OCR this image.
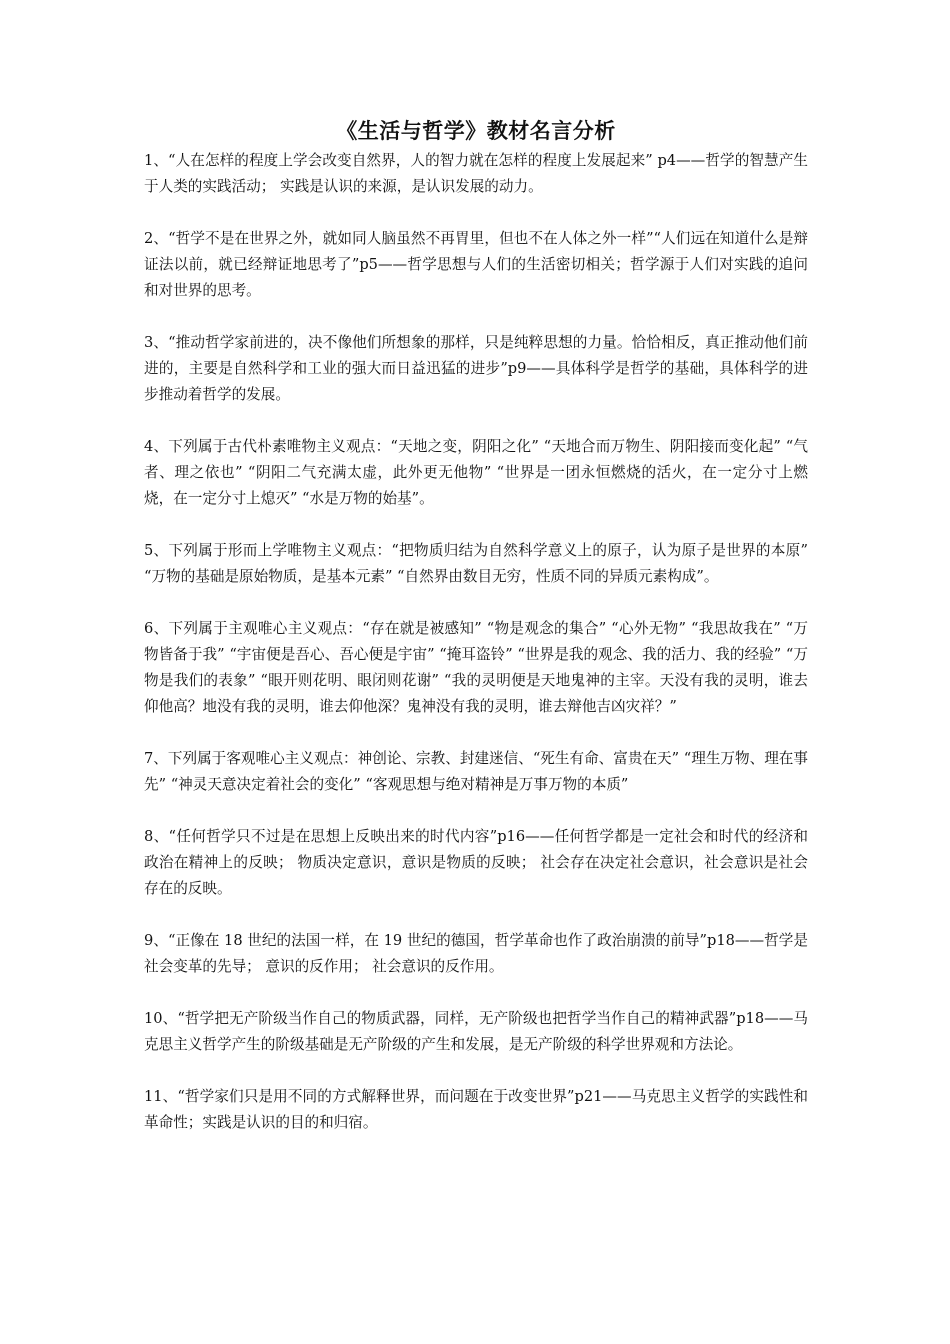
《生活与哲学》教材名言分析

1、“人在怎样的程度上学会改变自然界，人的智力就在怎样的程度上发展起来” p4——哲学的智慧产生于人类的实践活动； 实践是认识的来源，是认识发展的动力。

2、“哲学不是在世界之外，就如同人脑虽然不再胃里，但也不在人体之外一样”“人们远在知道什么是辩证法以前，就已经辩证地思考了”p5——哲学思想与人们的生活密切相关；哲学源于人们对实践的追问和对世界的思考。

3、“推动哲学家前进的，决不像他们所想象的那样，只是纯粹思想的力量。恰恰相反，真正推动他们前进的，主要是自然科学和工业的强大而日益迅猛的进步”p9——具体科学是哲学的基础，具体科学的进步推动着哲学的发展。

4、下列属于古代朴素唯物主义观点：“天地之变，阴阳之化” “天地合而万物生、阴阳接而变化起” “气者、理之依也” “阴阳二气充满太虚，此外更无他物” “世界是一团永恒燃烧的活火，在一定分寸上燃烧，在一定分寸上熄灭” “水是万物的始基”。

5、下列属于形而上学唯物主义观点：“把物质归结为自然科学意义上的原子，认为原子是世界的本原” “万物的基础是原始物质，是基本元素” “自然界由数目无穷，性质不同的异质元素构成”。

6、下列属于主观唯心主义观点：“存在就是被感知” “物是观念的集合” “心外无物” “我思故我在” “万物皆备于我” “宇宙便是吾心、吾心便是宇宙” “掩耳盗铃” “世界是我的观念、我的活力、我的经验” “万物是我们的表象” “眼开则花明、眼闭则花谢” “我的灵明便是天地鬼神的主宰。天没有我的灵明，谁去仰他高？地没有我的灵明，谁去仰他深？鬼神没有我的灵明，谁去辩他吉凶灾祥？”

7、下列属于客观唯心主义观点：神创论、宗教、封建迷信、“死生有命、富贵在天” “理生万物、理在事先” “神灵天意决定着社会的变化” “客观思想与绝对精神是万事万物的本质”

8、“任何哲学只不过是在思想上反映出来的时代内容”p16——任何哲学都是一定社会和时代的经济和政治在精神上的反映； 物质决定意识，意识是物质的反映； 社会存在决定社会意识，社会意识是社会存在的反映。

9、“正像在 18 世纪的法国一样，在 19 世纪的德国，哲学革命也作了政治崩溃的前导”p18——哲学是社会变革的先导； 意识的反作用； 社会意识的反作用。

10、“哲学把无产阶级当作自己的物质武器，同样，无产阶级也把哲学当作自己的精神武器”p18——马克思主义哲学产生的阶级基础是无产阶级的产生和发展，是无产阶级的科学世界观和方法论。

11、“哲学家们只是用不同的方式解释世界，而问题在于改变世界”p21——马克思主义哲学的实践性和革命性；实践是认识的目的和归宿。
